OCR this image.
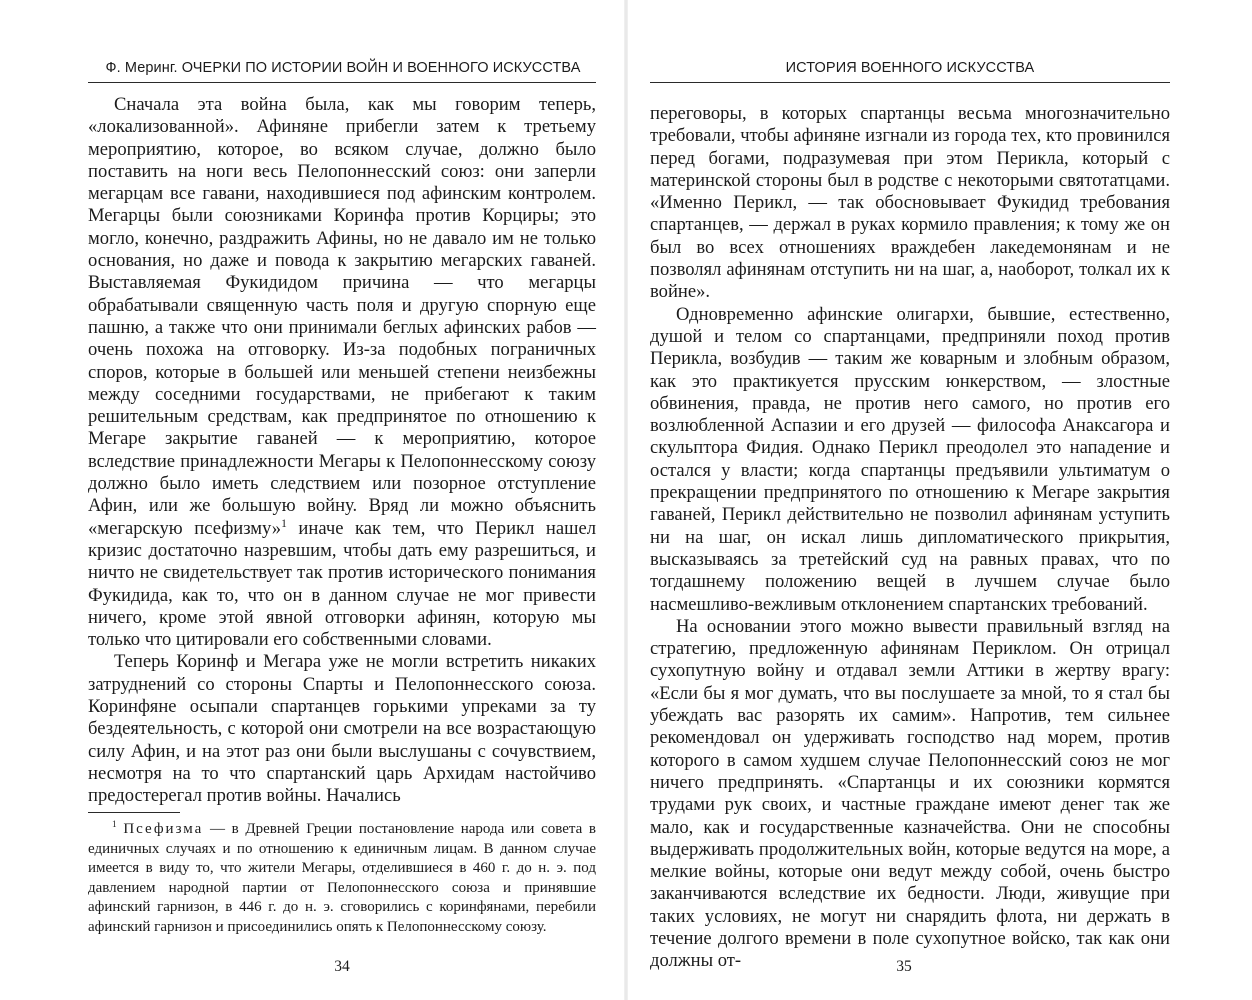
Ф. Меринг. ОЧЕРКИ ПО ИСТОРИИ ВОЙН И ВОЕННОГО ИСКУССТВА

Сначала эта война была, как мы говорим теперь, «локализованной». Афиняне прибегли затем к третьему мероприятию, которое, во всяком случае, должно было поставить на ноги весь Пелопоннесский союз: они заперли мегарцам все гавани, находившиеся под афинским контролем. Мегарцы были союзниками Коринфа против Корциры; это могло, конечно, раздражить Афины, но не давало им не только основания, но даже и повода к закрытию мегарских гаваней. Выставляемая Фукидидом причина — что мегарцы обрабатывали священную часть поля и другую спорную еще пашню, а также что они принимали беглых афинских рабов — очень похожа на отговорку. Из-за подобных пограничных споров, которые в большей или меньшей степени неизбежны между соседними государствами, не прибегают к таким решительным средствам, как предпринятое по отношению к Мегаре закрытие гаваней — к мероприятию, которое вследствие принадлежности Мегары к Пелопоннесскому союзу должно было иметь следствием или позорное отступление Афин, или же большую войну. Вряд ли можно объяснить «мегарскую псефизму»$^1$ иначе как тем, что Перикл нашел кризис достаточно назревшим, чтобы дать ему разрешиться, и ничто не свидетельствует так против исторического понимания Фукидида, как то, что он в данном случае не мог привести ничего, кроме этой явной отговорки афинян, которую мы только что цитировали его собственными словами.

Теперь Коринф и Мегара уже не могли встретить никаких затруднений со стороны Спарты и Пелопоннесского союза. Коринфяне осыпали спартанцев горькими упреками за ту бездеятельность, с которой они смотрели на все возрастающую силу Афин, и на этот раз они были выслушаны с сочувствием, несмотря на то что спартанский царь Архидам настойчиво предостерегал против войны. Начались

$^1$ Псефизма — в Древней Греции постановление народа или совета в единичных случаях и по отношению к единичным лицам. В данном случае имеется в виду то, что жители Мегары, отделившиеся в 460 г. до н. э. под давлением народной партии от Пелопоннесского союза и принявшие афинский гарнизон, в 446 г. до н. э. сговорились с коринфянами, перебили афинский гарнизон и присоединились опять к Пелопоннесскому союзу.

34
ИСТОРИЯ ВОЕННОГО ИСКУССТВА

переговоры, в которых спартанцы весьма многозначительно требовали, чтобы афиняне изгнали из города тех, кто провинился перед богами, подразумевая при этом Перикла, который с материнской стороны был в родстве с некоторыми святотатцами. «Именно Перикл, — так обосновывает Фукидид требования спартанцев, — держал в руках кормило правления; к тому же он был во всех отношениях враждебен лакедемонянам и не позволял афинянам отступить ни на шаг, а, наоборот, толкал их к войне».

Одновременно афинские олигархи, бывшие, естественно, душой и телом со спартанцами, предприняли поход против Перикла, возбудив — таким же коварным и злобным образом, как это практикуется прусским юнкерством, — злостные обвинения, правда, не против него самого, но против его возлюбленной Аспазии и его друзей — философа Анаксагора и скульптора Фидия. Однако Перикл преодолел это нападение и остался у власти; когда спартанцы предъявили ультиматум о прекращении предпринятого по отношению к Мегаре закрытия гаваней, Перикл действительно не позволил афинянам уступить ни на шаг, он искал лишь дипломатического прикрытия, высказываясь за третейский суд на равных правах, что по тогдашнему положению вещей в лучшем случае было насмешливо-вежливым отклонением спартанских требований.

На основании этого можно вывести правильный взгляд на стратегию, предложенную афинянам Периклом. Он отрицал сухопутную войну и отдавал земли Аттики в жертву врагу: «Если бы я мог думать, что вы послушаете за мной, то я стал бы убеждать вас разорять их самим». Напротив, тем сильнее рекомендовал он удерживать господство над морем, против которого в самом худшем случае Пелопоннесский союз не мог ничего предпринять. «Спартанцы и их союзники кормятся трудами рук своих, и частные граждане имеют денег так же мало, как и государственные казначейства. Они не способны выдерживать продолжительных войн, которые ведутся на море, а мелкие войны, которые они ведут между собой, очень быстро заканчиваются вследствие их бедности. Люди, живущие при таких условиях, не могут ни снарядить флота, ни держать в течение долгого времени в поле сухопутное войско, так как они должны от-	35
